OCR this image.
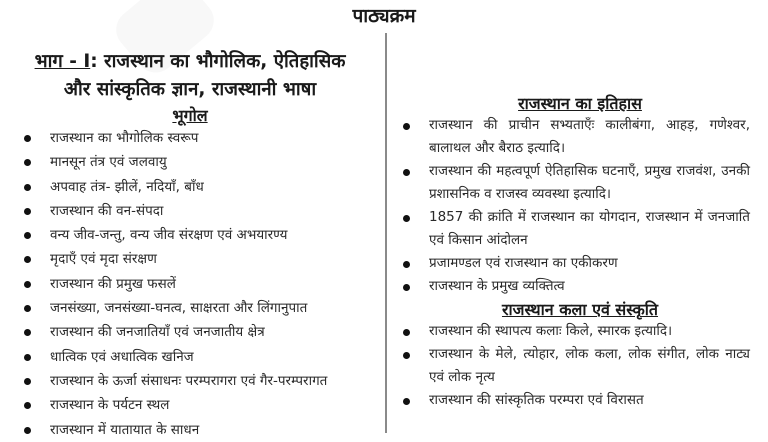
पाठ्यक्रम
भाग - I: राजस्थान का भौगोलिक, ऐतिहासिक
और सांस्कृतिक ज्ञान, राजस्थानी भाषा
भूगोल
राजस्थान का भौगोलिक स्वरूप
मानसून तंत्र एवं जलवायु
अपवाह तंत्र- झीलें, नदियाँ, बाँध
राजस्थान की वन-संपदा
वन्य जीव-जन्तु, वन्य जीव संरक्षण एवं अभयारण्य
मृदाएँ एवं मृदा संरक्षण
राजस्थान की प्रमुख फसलें
जनसंख्या, जनसंख्या-घनत्व, साक्षरता और लिंगानुपात
राजस्थान की जनजातियाँ एवं जनजातीय क्षेत्र
धात्विक एवं अधात्विक खनिज
राजस्थान के ऊर्जा संसाधनः परम्परागरा एवं गैर-परम्परागत
राजस्थान के पर्यटन स्थल
राजस्थान में यातायात के साधन
राजस्थान का इतिहास
राजस्थान की प्राचीन सभ्यताएँः कालीबंगा, आहड़, गणेश्वर, बालाथल और बैराठ इत्यादि।
राजस्थान की महत्वपूर्ण ऐतिहासिक घटनाएँ, प्रमुख राजवंश, उनकी प्रशासनिक व राजस्व व्यवस्था इत्यादि।
1857 की क्रांति में राजस्थान का योगदान, राजस्थान में जनजाति एवं किसान आंदोलन
प्रजामण्डल एवं राजस्थान का एकीकरण
राजस्थान के प्रमुख व्यक्तित्व
राजस्थान कला एवं संस्कृति
राजस्थान की स्थापत्य कलाः किले, स्मारक इत्यादि।
राजस्थान के मेले, त्योहार, लोक कला, लोक संगीत, लोक नाट्य एवं लोक नृत्य
राजस्थान की सांस्कृतिक परम्परा एवं विरासत
